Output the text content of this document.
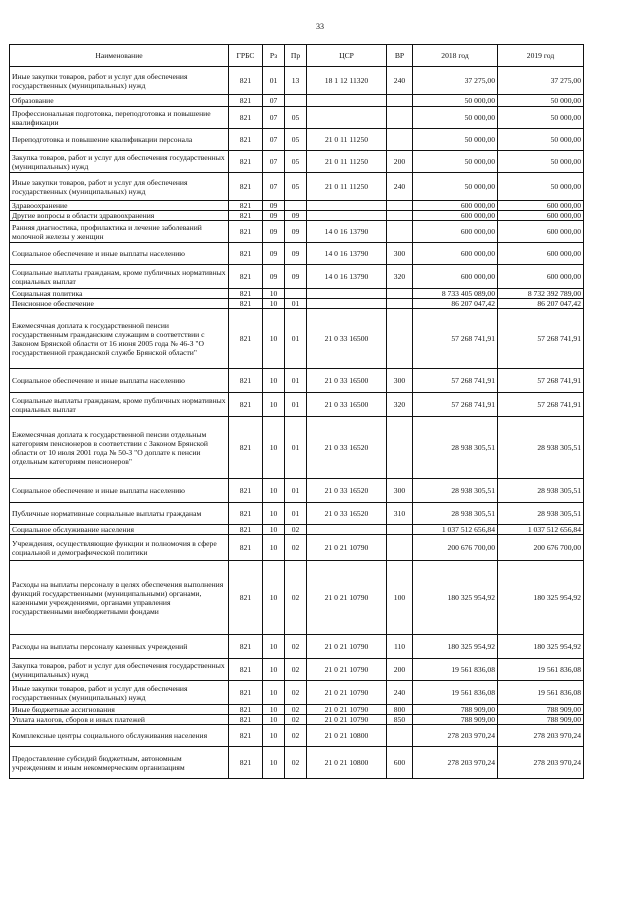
33
Наименование	ГРБС	Рз	Пр	ЦСР	ВР	2018 год	2019 год
Иные закупки товаров, работ и услуг для обеспечения государственных (муниципальных) нужд	821	01	13	18 1 12 11320	240	37 275,00	37 275,00
Образование	821	07				50 000,00	50 000,00
Профессиональная подготовка, переподготовка и повышение квалификации	821	07	05			50 000,00	50 000,00
Переподготовка и повышение квалификации персонала	821	07	05	21 0 11 11250		50 000,00	50 000,00
Закупка товаров, работ и услуг для обеспечения государственных (муниципальных) нужд	821	07	05	21 0 11 11250	200	50 000,00	50 000,00
Иные закупки товаров, работ и услуг для обеспечения государственных (муниципальных) нужд	821	07	05	21 0 11 11250	240	50 000,00	50 000,00
Здравоохранение	821	09				600 000,00	600 000,00
Другие вопросы в области здравоохранения	821	09	09			600 000,00	600 000,00
Ранняя диагностика, профилактика и лечение заболеваний молочной железы у женщин	821	09	09	14 0 16 13790		600 000,00	600 000,00
Социальное обеспечение и иные выплаты населению	821	09	09	14 0 16 13790	300	600 000,00	600 000,00
Социальные выплаты гражданам, кроме публичных нормативных социальных выплат	821	09	09	14 0 16 13790	320	600 000,00	600 000,00
Социальная политика	821	10				8 733 405 089,00	8 732 392 789,00
Пенсионное обеспечение	821	10	01			86 207 047,42	86 207 047,42
Ежемесячная доплата к государственной пенсии государственным гражданским служащим в соответствии с Законом Брянской области от 16 июня 2005 года № 46-З "О государственной гражданской службе Брянской области"	821	10	01	21 0 33 16500		57 268 741,91	57 268 741,91
Социальное обеспечение и иные выплаты населению	821	10	01	21 0 33 16500	300	57 268 741,91	57 268 741,91
Социальные выплаты гражданам, кроме публичных нормативных социальных выплат	821	10	01	21 0 33 16500	320	57 268 741,91	57 268 741,91
Ежемесячная доплата к государственной пенсии отдельным категориям пенсионеров в соответствии с Законом Брянской области от 10 июля 2001 года № 50-З "О доплате к пенсии отдельным категориям пенсионеров"	821	10	01	21 0 33 16520		28 938 305,51	28 938 305,51
Социальное обеспечение и иные выплаты населению	821	10	01	21 0 33 16520	300	28 938 305,51	28 938 305,51
Публичные нормативные социальные выплаты гражданам	821	10	01	21 0 33 16520	310	28 938 305,51	28 938 305,51
Социальное обслуживание населения	821	10	02			1 037 512 656,84	1 037 512 656,84
Учреждения, осуществляющие функции и полномочия в сфере социальной и демографической политики	821	10	02	21 0 21 10790		200 676 700,00	200 676 700,00
Расходы на выплаты персоналу в целях обеспечения выполнения функций государственными (муниципальными) органами, казенными учреждениями, органами управления государственными внебюджетными фондами	821	10	02	21 0 21 10790	100	180 325 954,92	180 325 954,92
Расходы на выплаты персоналу казенных учреждений	821	10	02	21 0 21 10790	110	180 325 954,92	180 325 954,92
Закупка товаров, работ и услуг для обеспечения государственных (муниципальных) нужд	821	10	02	21 0 21 10790	200	19 561 836,08	19 561 836,08
Иные закупки товаров, работ и услуг для обеспечения государственных (муниципальных) нужд	821	10	02	21 0 21 10790	240	19 561 836,08	19 561 836,08
Иные бюджетные ассигнования	821	10	02	21 0 21 10790	800	788 909,00	788 909,00
Уплата налогов, сборов и иных платежей	821	10	02	21 0 21 10790	850	788 909,00	788 909,00
Комплексные центры социального обслуживания населения	821	10	02	21 0 21 10800		278 203 970,24	278 203 970,24
Предоставление субсидий бюджетным, автономным учреждениям и иным некоммерческим организациям	821	10	02	21 0 21 10800	600	278 203 970,24	278 203 970,24
